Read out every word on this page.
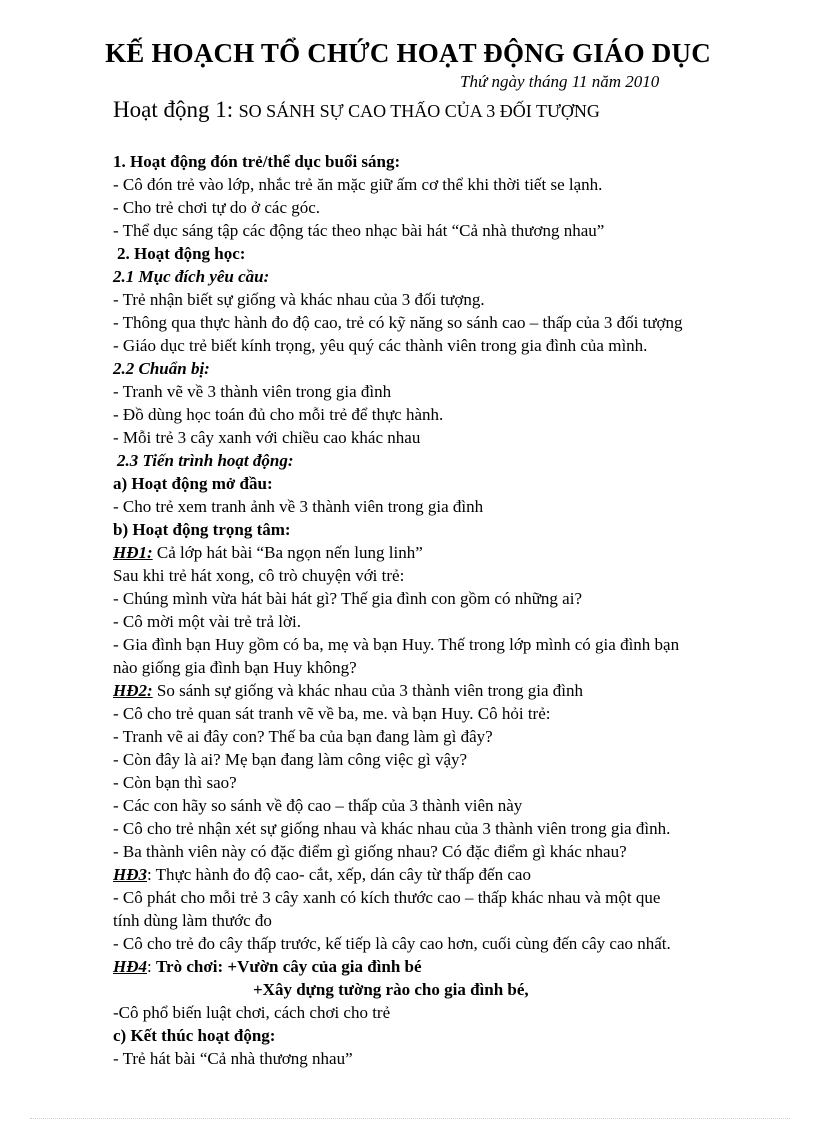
KẾ HOẠCH TỔ CHỨC HOẠT ĐỘNG GIÁO DỤC
Thứ ngày tháng 11 năm 2010
Hoạt động 1: SO SÁNH SỰ CAO THẤO CỦA 3 ĐỐI TƯỢNG
1. Hoạt động đón trẻ/thể dục buổi sáng:
- Cô đón trẻ vào lớp, nhắc trẻ ăn mặc giữ ấm cơ thể khi thời tiết se lạnh.
- Cho trẻ chơi tự do ở các góc.
- Thể dục sáng tập các động tác theo nhạc bài hát “Cả nhà thương nhau”
2. Hoạt động học:
2.1 Mục đích yêu cầu:
- Trẻ nhận biết sự giống và khác nhau của 3 đối tượng.
- Thông qua thực hành đo độ cao, trẻ có kỹ năng so sánh cao – thấp của 3 đối tượng
- Giáo dục trẻ biết kính trọng, yêu quý các thành viên trong gia đình của mình.
2.2 Chuẩn bị:
- Tranh vẽ về 3 thành viên trong gia đình
- Đồ dùng học toán đủ cho mỗi trẻ để thực hành.
- Mỗi trẻ 3 cây xanh với chiều cao khác nhau
2.3 Tiến trình hoạt động:
a) Hoạt động mở đầu:
- Cho trẻ xem tranh ảnh về 3 thành viên trong gia đình
b) Hoạt động trọng tâm:
HĐ1: Cả lớp hát bài “Ba ngọn nến lung linh”
Sau khi trẻ hát xong, cô trò chuyện với trẻ:
- Chúng mình vừa hát bài hát gì? Thế gia đình con gồm có những ai?
- Cô mời một vài trẻ trả lời.
- Gia đình bạn Huy gồm có ba, mẹ và bạn Huy. Thế trong lớp mình có gia đình bạn
nào giống gia đình bạn Huy không?
HĐ2: So sánh sự giống và khác nhau của 3 thành viên trong gia đình
- Cô cho trẻ quan sát tranh vẽ về ba, me. và bạn Huy. Cô hỏi trẻ:
- Tranh vẽ ai đây con? Thế ba của bạn đang làm gì đây?
- Còn đây là ai? Mẹ bạn đang làm công việc gì vậy?
- Còn bạn thì sao?
- Các con hãy so sánh về độ cao – thấp của 3 thành viên này
- Cô cho trẻ nhận xét sự giống nhau và khác nhau của 3 thành viên trong gia đình.
- Ba thành viên này có đặc điểm gì giống nhau? Có đặc điểm gì khác nhau?
HĐ3: Thực hành đo độ cao- cắt, xếp, dán cây từ thấp đến cao
- Cô phát cho mỗi trẻ 3 cây xanh có kích thước cao – thấp khác nhau và một que
tính dùng làm thước đo
- Cô cho trẻ đo cây thấp trước, kế tiếp là cây cao hơn, cuối cùng đến cây cao nhất.
HĐ4: Trò chơi: +Vườn cây của gia đình bé
+Xây dựng tường rào cho gia đình bé,
-Cô phổ biến luật chơi, cách chơi cho trẻ
c) Kết thúc hoạt động:
- Trẻ hát bài “Cả nhà thương nhau”
